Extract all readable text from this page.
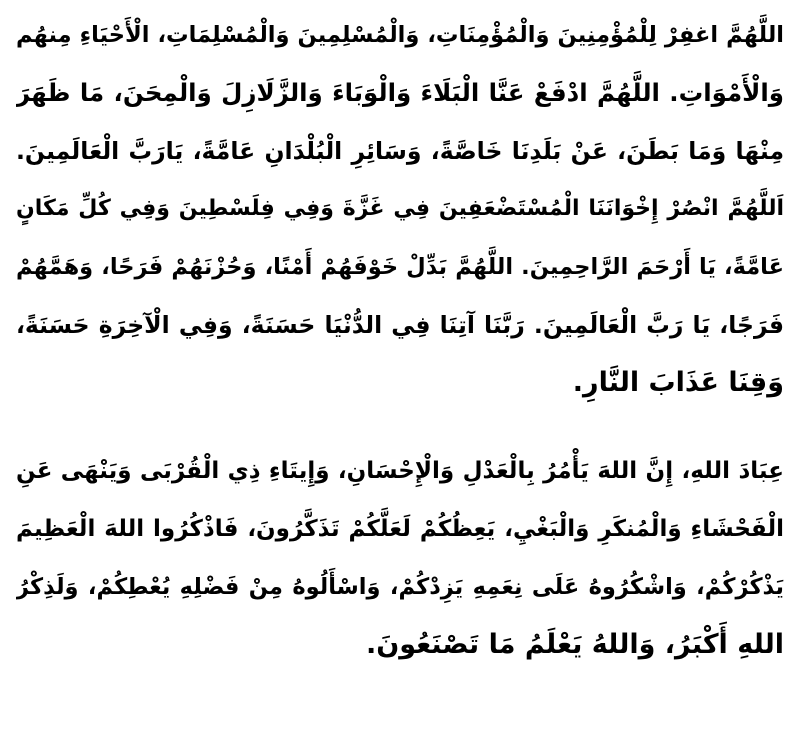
اللَّهُمَّ اغفِرْ لِلْمُؤْمِنِينَ وَالْمُؤْمِنَاتِ، وَالْمُسْلِمِينَ وَالْمُسْلِمَاتِ، الْأَحْيَاءِ مِنهُم
وَالْأَمْوَاتِ. اللَّهُمَّ ادْفَعْ عَنَّا الْبَلَاءَ وَالْوَبَاءَ وَالزَّلَازِلَ وَالْمِحَنَ، مَا ظَهَرَ
مِنْهَا وَمَا بَطَنَ، عَنْ بَلَدِنَا خَاصَّةً، وَسَائِرِ الْبُلْدَانِ عَامَّةً، يَارَبَّ الْعَالَمِينَ.
اَللَّهُمَّ انْصُرْ إِخْوَانَنَا الْمُسْتَضْعَفِينَ فِي غَزَّةَ وَفِي فِلَسْطِينَ وَفِي كُلِّ مَكَانٍ
عَامَّةً، يَا أَرْحَمَ الرَّاحِمِينَ. اللَّهُمَّ بَدِّلْ خَوْفَهُمْ أَمْنًا، وَحُزْنَهُمْ فَرَحًا، وَهَمَّهُمْ
فَرَجًا، يَا رَبَّ الْعَالَمِينَ. رَبَّنَا آتِنَا فِي الدُّنْيَا حَسَنَةً، وَفِي الْآخِرَةِ حَسَنَةً،
وَقِنَا عَذَابَ النَّارِ.
عِبَادَ اللهِ، إِنَّ اللهَ يَأْمُرُ بِالْعَدْلِ وَالْإِحْسَانِ، وَإِيتَاءِ ذِي الْقُرْبَى وَيَنْهَى عَنِ
الْفَحْشَاءِ وَالْمُنكَرِ وَالْبَغْيِ، يَعِظُكُمْ لَعَلَّكُمْ تَذَكَّرُونَ، فَاذْكُرُوا اللهَ الْعَظِيمَ
يَذْكُرْكُمْ، وَاشْكُرُوهُ عَلَى نِعَمِهِ يَزِدْكُمْ، وَاسْأَلُوهُ مِنْ فَضْلِهِ يُعْطِكُمْ، وَلَذِكْرُ
اللهِ أَكْبَرُ، وَاللهُ يَعْلَمُ مَا تَصْنَعُونَ.
